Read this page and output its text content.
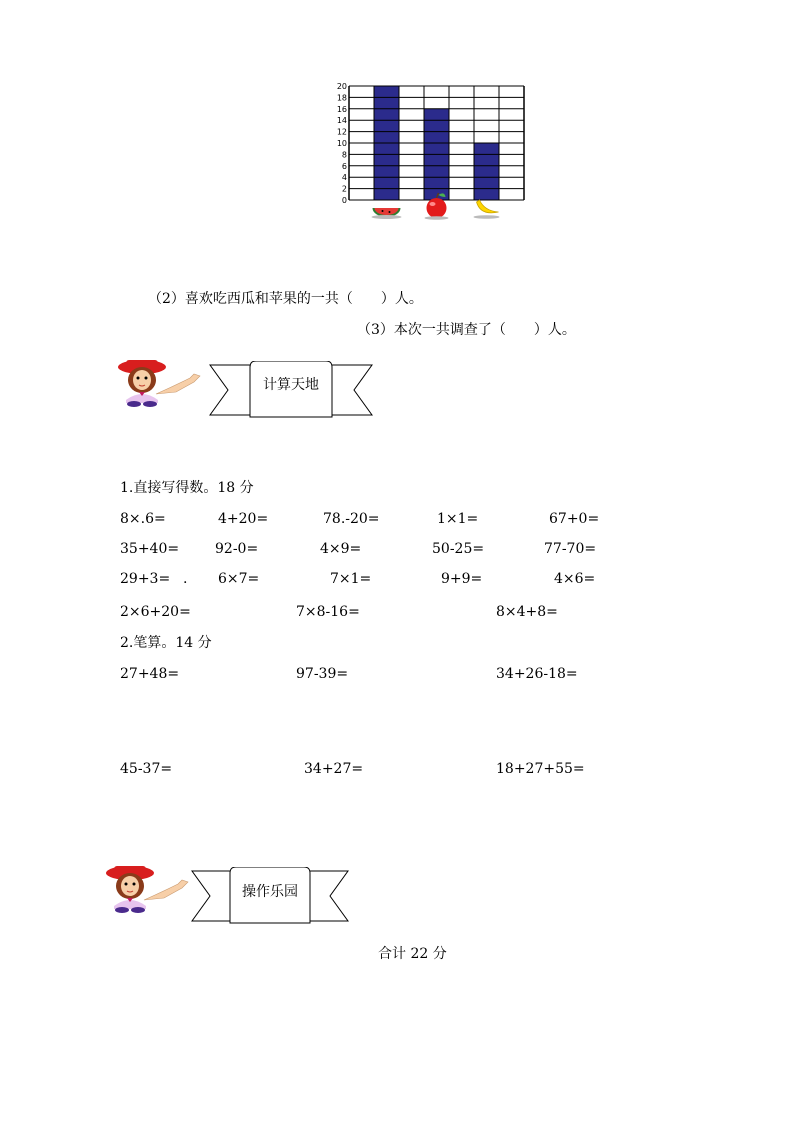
0
2
4
6
8
10
12
14
16
18
20
（2）喜欢吃西瓜和苹果的一共（　　）人。
（3）本次一共调查了（　　）人。
计算天地
1.直接写得数。18 分
8×.6=	4+20=	78.-20=	1×1=	67+0=
35+40=	92-0=	4×9=	50-25=	77-70=
29+3= . 6×7=	7×1=	9+9=	4×6=
2×6+20=	7×8-16=	8×4+8=
2.笔算。14 分
27+48=	97-39=	34+26-18=
45-37=	34+27=	18+27+55=
操作乐园
合计 22 分
